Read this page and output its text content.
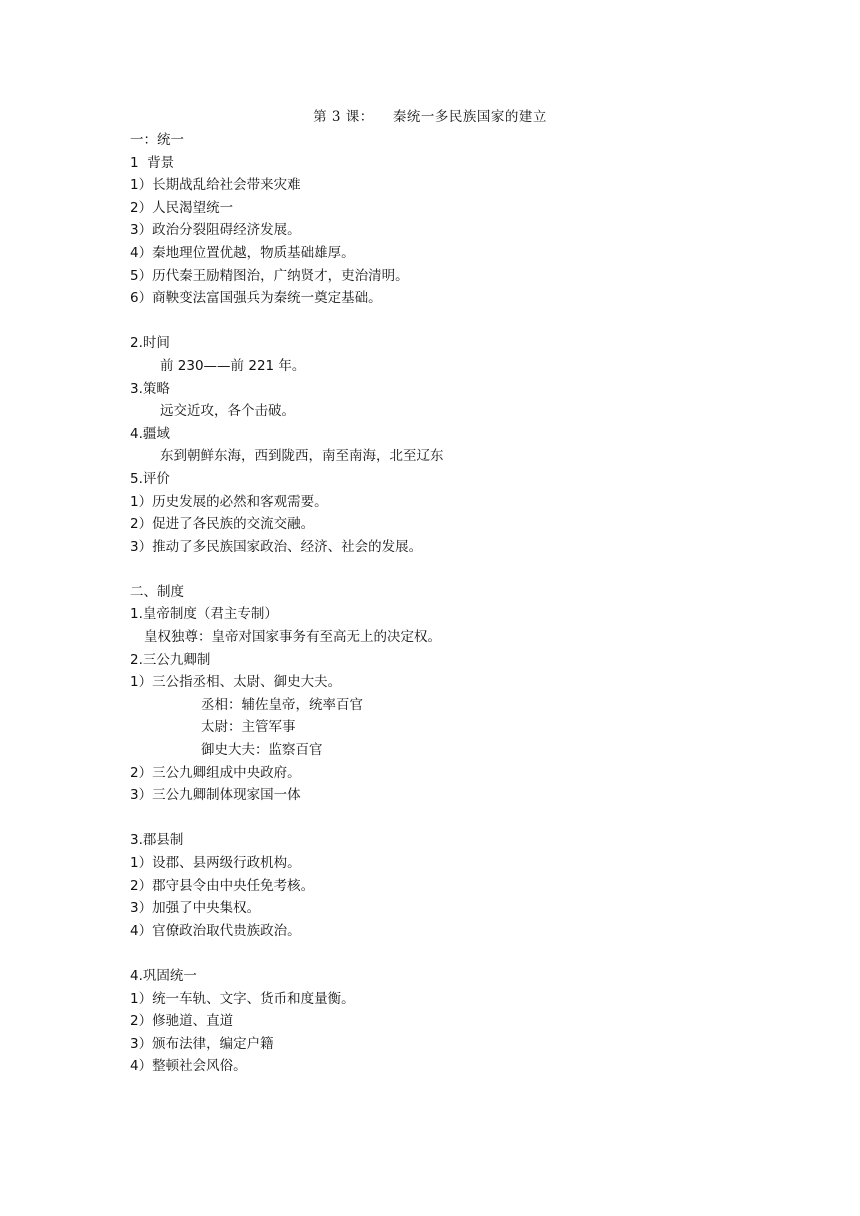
第 3 课：    秦统一多民族国家的建立
一：统一
1  背景
1）长期战乱给社会带来灾难
2）人民渴望统一
3）政治分裂阻碍经济发展。
4）秦地理位置优越，物质基础雄厚。
5）历代秦王励精图治，广纳贤才，吏治清明。
6）商鞅变法富国强兵为秦统一奠定基础。
2.时间
前 230——前 221 年。
3.策略
远交近攻，各个击破。
4.疆域
东到朝鲜东海，西到陇西，南至南海，北至辽东
5.评价
1）历史发展的必然和客观需要。
2）促进了各民族的交流交融。
3）推动了多民族国家政治、经济、社会的发展。
二、制度
1.皇帝制度（君主专制）
皇权独尊：皇帝对国家事务有至高无上的决定权。
2.三公九卿制
1）三公指丞相、太尉、御史大夫。
丞相：辅佐皇帝，统率百官
太尉：主管军事
御史大夫：监察百官
2）三公九卿组成中央政府。
3）三公九卿制体现家国一体
3.郡县制
1）设郡、县两级行政机构。
2）郡守县令由中央任免考核。
3）加强了中央集权。
4）官僚政治取代贵族政治。
4.巩固统一
1）统一车轨、文字、货币和度量衡。
2）修驰道、直道
3）颁布法律，编定户籍
4）整顿社会风俗。
